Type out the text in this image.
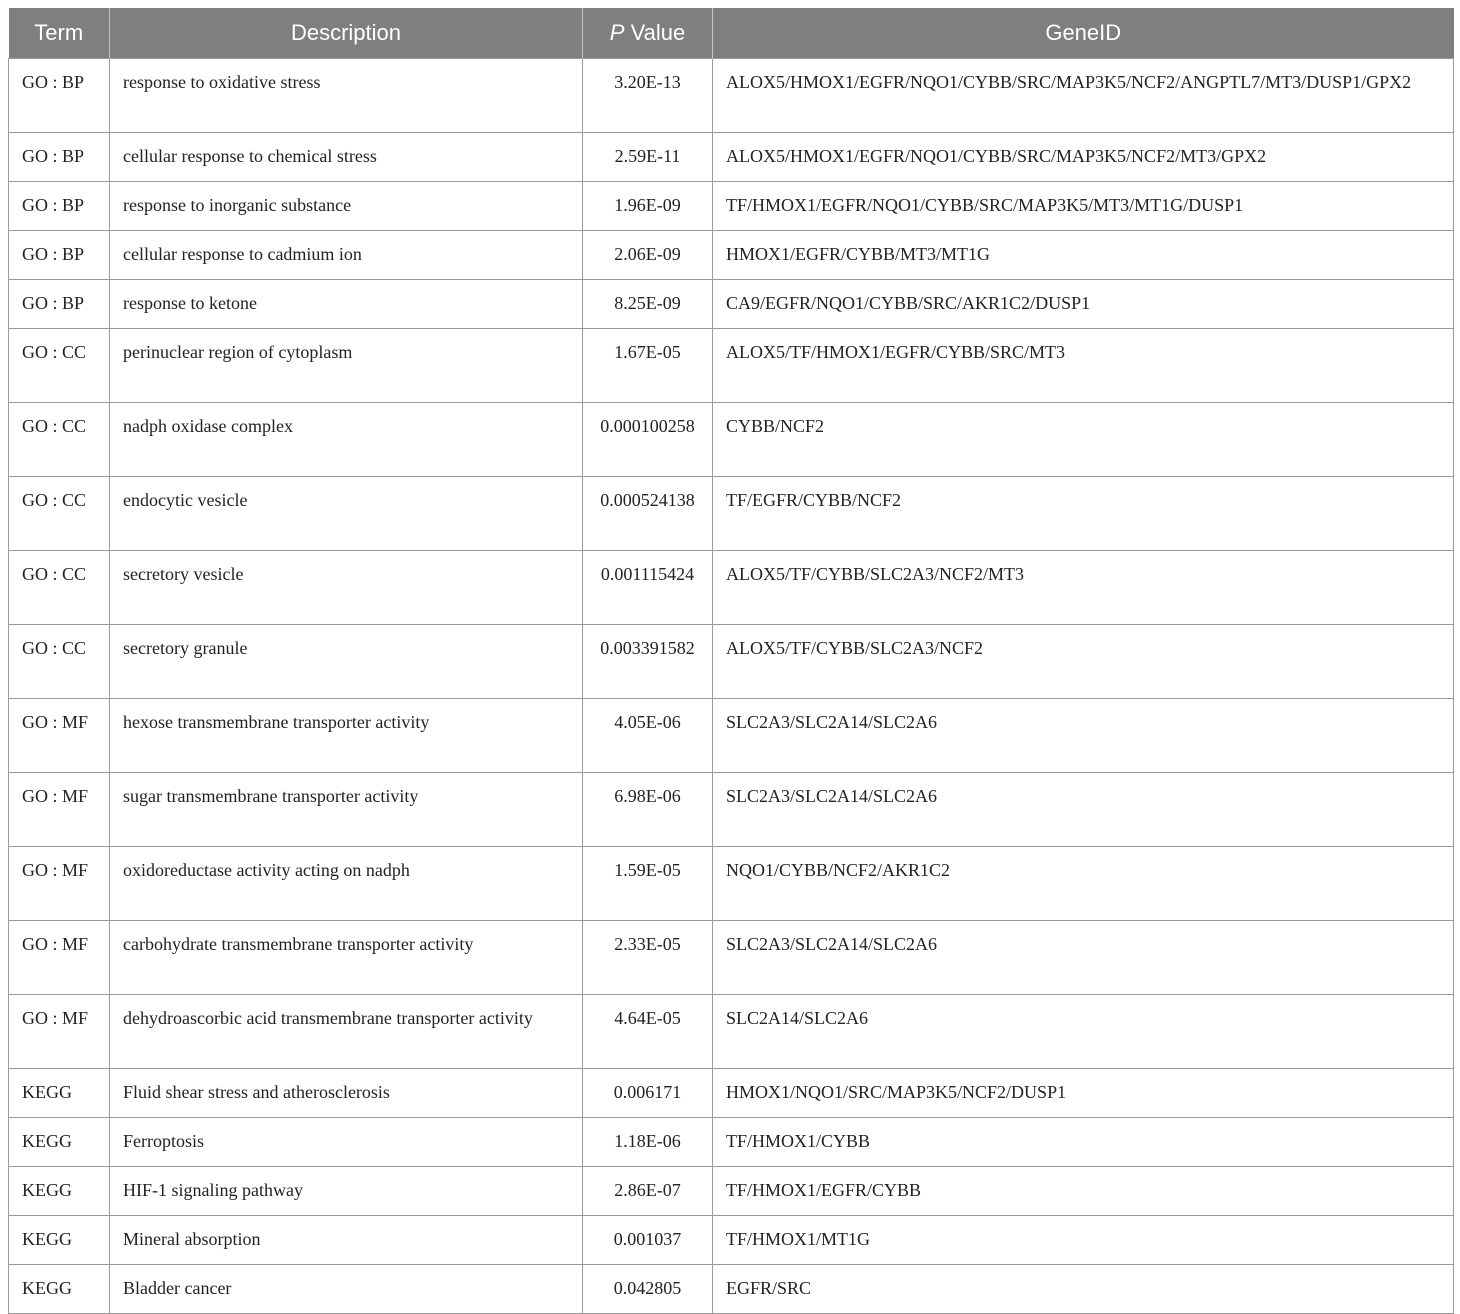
Term	Description	P Value	GeneID
GO : BP	response to oxidative stress	3.20E-13	ALOX5/HMOX1/EGFR/NQO1/CYBB/SRC/MAP3K5/NCF2/ANGPTL7/MT3/DUSP1/​GPX2
GO : BP	cellular response to chemical stress	2.59E-11	ALOX5/HMOX1/EGFR/NQO1/CYBB/SRC/MAP3K5/NCF2/MT3/GPX2
GO : BP	response to inorganic substance	1.96E-09	TF/HMOX1/EGFR/NQO1/CYBB/SRC/MAP3K5/MT3/MT1G/DUSP1
GO : BP	cellular response to cadmium ion	2.06E-09	HMOX1/EGFR/CYBB/MT3/MT1G
GO : BP	response to ketone	8.25E-09	CA9/EGFR/NQO1/CYBB/SRC/AKR1C2/DUSP1
GO : CC	perinuclear region of cytoplasm	1.67E-05	ALOX5/TF/HMOX1/EGFR/CYBB/SRC/MT3
GO : CC	nadph oxidase complex	0.000100258	CYBB/NCF2
GO : CC	endocytic vesicle	0.000524138	TF/EGFR/CYBB/NCF2
GO : CC	secretory vesicle	0.001115424	ALOX5/TF/CYBB/SLC2A3/NCF2/MT3
GO : CC	secretory granule	0.003391582	ALOX5/TF/CYBB/SLC2A3/NCF2
GO : MF	hexose transmembrane transporter activity	4.05E-06	SLC2A3/SLC2A14/SLC2A6
GO : MF	sugar transmembrane transporter activity	6.98E-06	SLC2A3/SLC2A14/SLC2A6
GO : MF	oxidoreductase activity acting on nadph	1.59E-05	NQO1/CYBB/NCF2/AKR1C2
GO : MF	carbohydrate transmembrane transporter activity	2.33E-05	SLC2A3/SLC2A14/SLC2A6
GO : MF	dehydroascorbic acid transmembrane transporter activity	4.64E-05	SLC2A14/SLC2A6
KEGG	Fluid shear stress and atherosclerosis	0.006171	HMOX1/NQO1/SRC/MAP3K5/NCF2/DUSP1
KEGG	Ferroptosis	1.18E-06	TF/HMOX1/CYBB
KEGG	HIF-1 signaling pathway	2.86E-07	TF/HMOX1/EGFR/CYBB
KEGG	Mineral absorption	0.001037	TF/HMOX1/MT1G
KEGG	Bladder cancer	0.042805	EGFR/SRC
